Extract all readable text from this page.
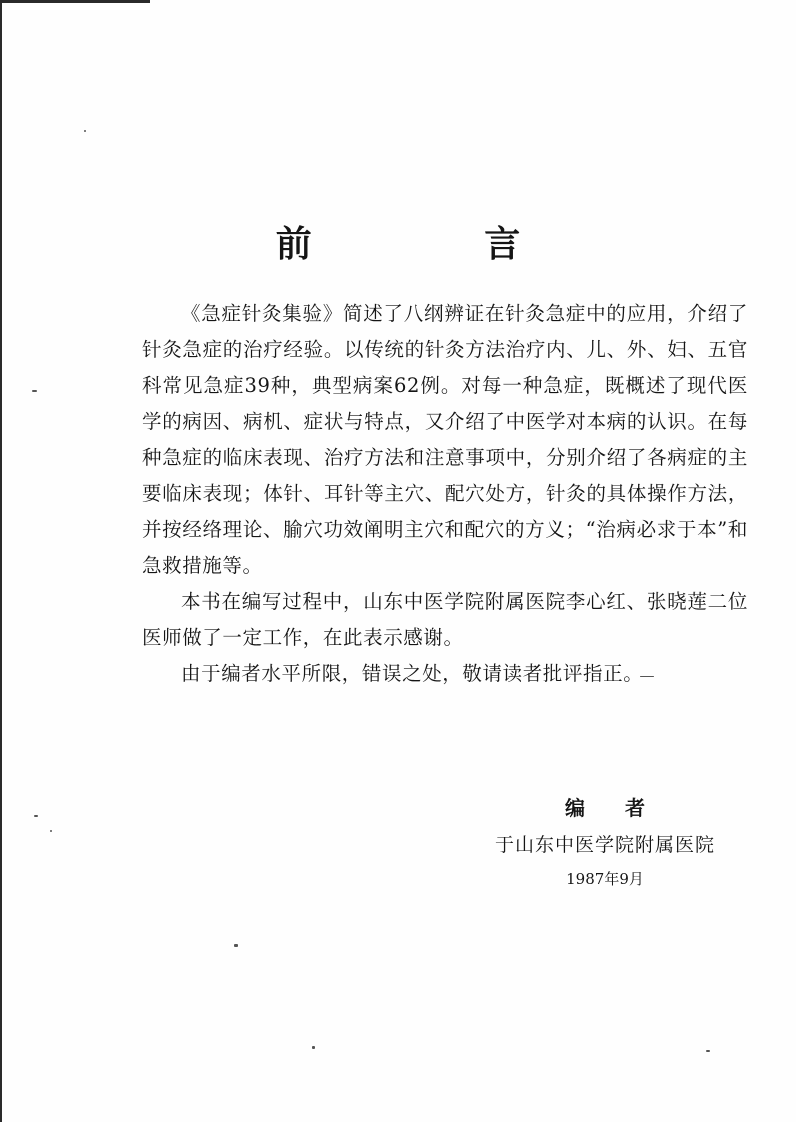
前 言

《急症针灸集验》简述了八纲辨证在针灸急症中的应用，介绍了针灸急症的治疗经验。以传统的针灸方法治疗内、儿、外、妇、五官科常见急症39种，典型病案62例。对每一种急症，既概述了现代医学的病因、病机、症状与特点，又介绍了中医学对本病的认识。在每种急症的临床表现、治疗方法和注意事项中，分别介绍了各病症的主要临床表现；体针、耳针等主穴、配穴处方，针灸的具体操作方法，并按经络理论、腧穴功效阐明主穴和配穴的方义；“治病必求于本”和急救措施等。

本书在编写过程中，山东中医学院附属医院李心红、张晓莲二位医师做了一定工作，在此表示感谢。

由于编者水平所限，错误之处，敬请读者批评指正。

编者
于山东中医学院附属医院
1987年9月
